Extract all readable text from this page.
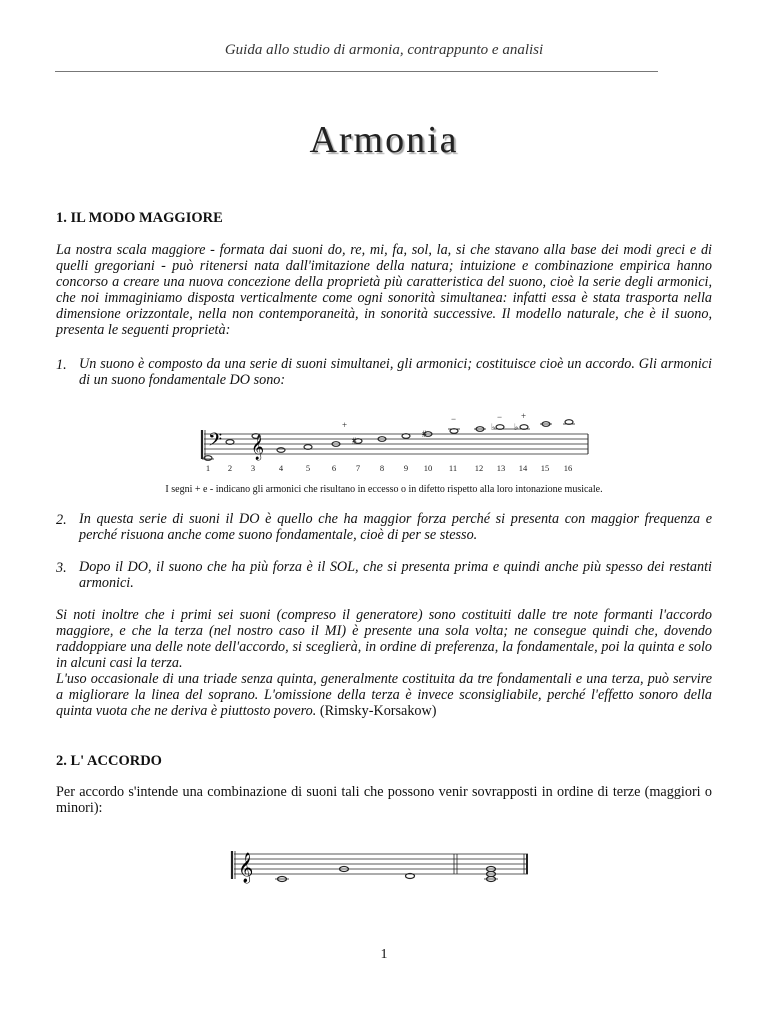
Guida allo studio di armonia, contrappunto e analisi
Armonia
1. IL MODO MAGGIORE

La nostra scala maggiore - formata dai suoni do, re, mi, fa, sol, la, si che stavano alla base dei modi greci e di quelli gregoriani - può ritenersi nata dall'imitazione della natura; intuizione e combinazione empirica hanno concorso a creare una nuova concezione della proprietà più caratteristica del suono, cioè la serie degli armonici, che noi immaginiamo disposta verticalmente come ogni sonorità simultanea: infatti essa è stata trasporta nella dimensione orizzontale, nella non contemporaneità, in sonorità successive. Il modello naturale, che è il suono, presenta le seguenti proprietà:

1. Un suono è composto da una serie di suoni simultanei, gli armonici; costituisce cioè un accordo. Gli armonici di un suono fondamentale DO sono:

𝄢 𝄞	#
#
♭ ♭
+
−	− +
1 2 3	4	5	6 7 8 9 10 11 12 13 14 15 16
I segni + e - indicano gli armonici che risultano in eccesso o in difetto rispetto alla loro intonazione musicale.
2. In questa serie di suoni il DO è quello che ha maggior forza perché si presenta con maggior frequenza e perché risuona anche come suono fondamentale, cioè di per se stesso.

3. Dopo il DO, il suono che ha più forza è il SOL, che si presenta prima e quindi anche più spesso dei restanti armonici.

Si noti inoltre che i primi sei suoni (compreso il generatore) sono costituiti dalle tre note formanti l'accordo maggiore, e che la terza (nel nostro caso il MI) è presente una sola volta; ne consegue quindi che, dovendo raddoppiare una delle note dell'accordo, si sceglierà, in ordine di preferenza, la fondamentale, poi la quinta e solo in alcuni casi la terza.

L'uso occasionale di una triade senza quinta, generalmente costituita da tre fondamentali e una terza, può servire a migliorare la linea del soprano. L'omissione della terza è invece sconsigliabile, perché l'effetto sonoro della quinta vuota che ne deriva è piuttosto povero. (Rimsky-Korsakow)

2. L' ACCORDO

Per accordo s'intende una combinazione di suoni tali che possono venir sovrapposti in ordine di terze (maggiori o minori):

𝄞
1
